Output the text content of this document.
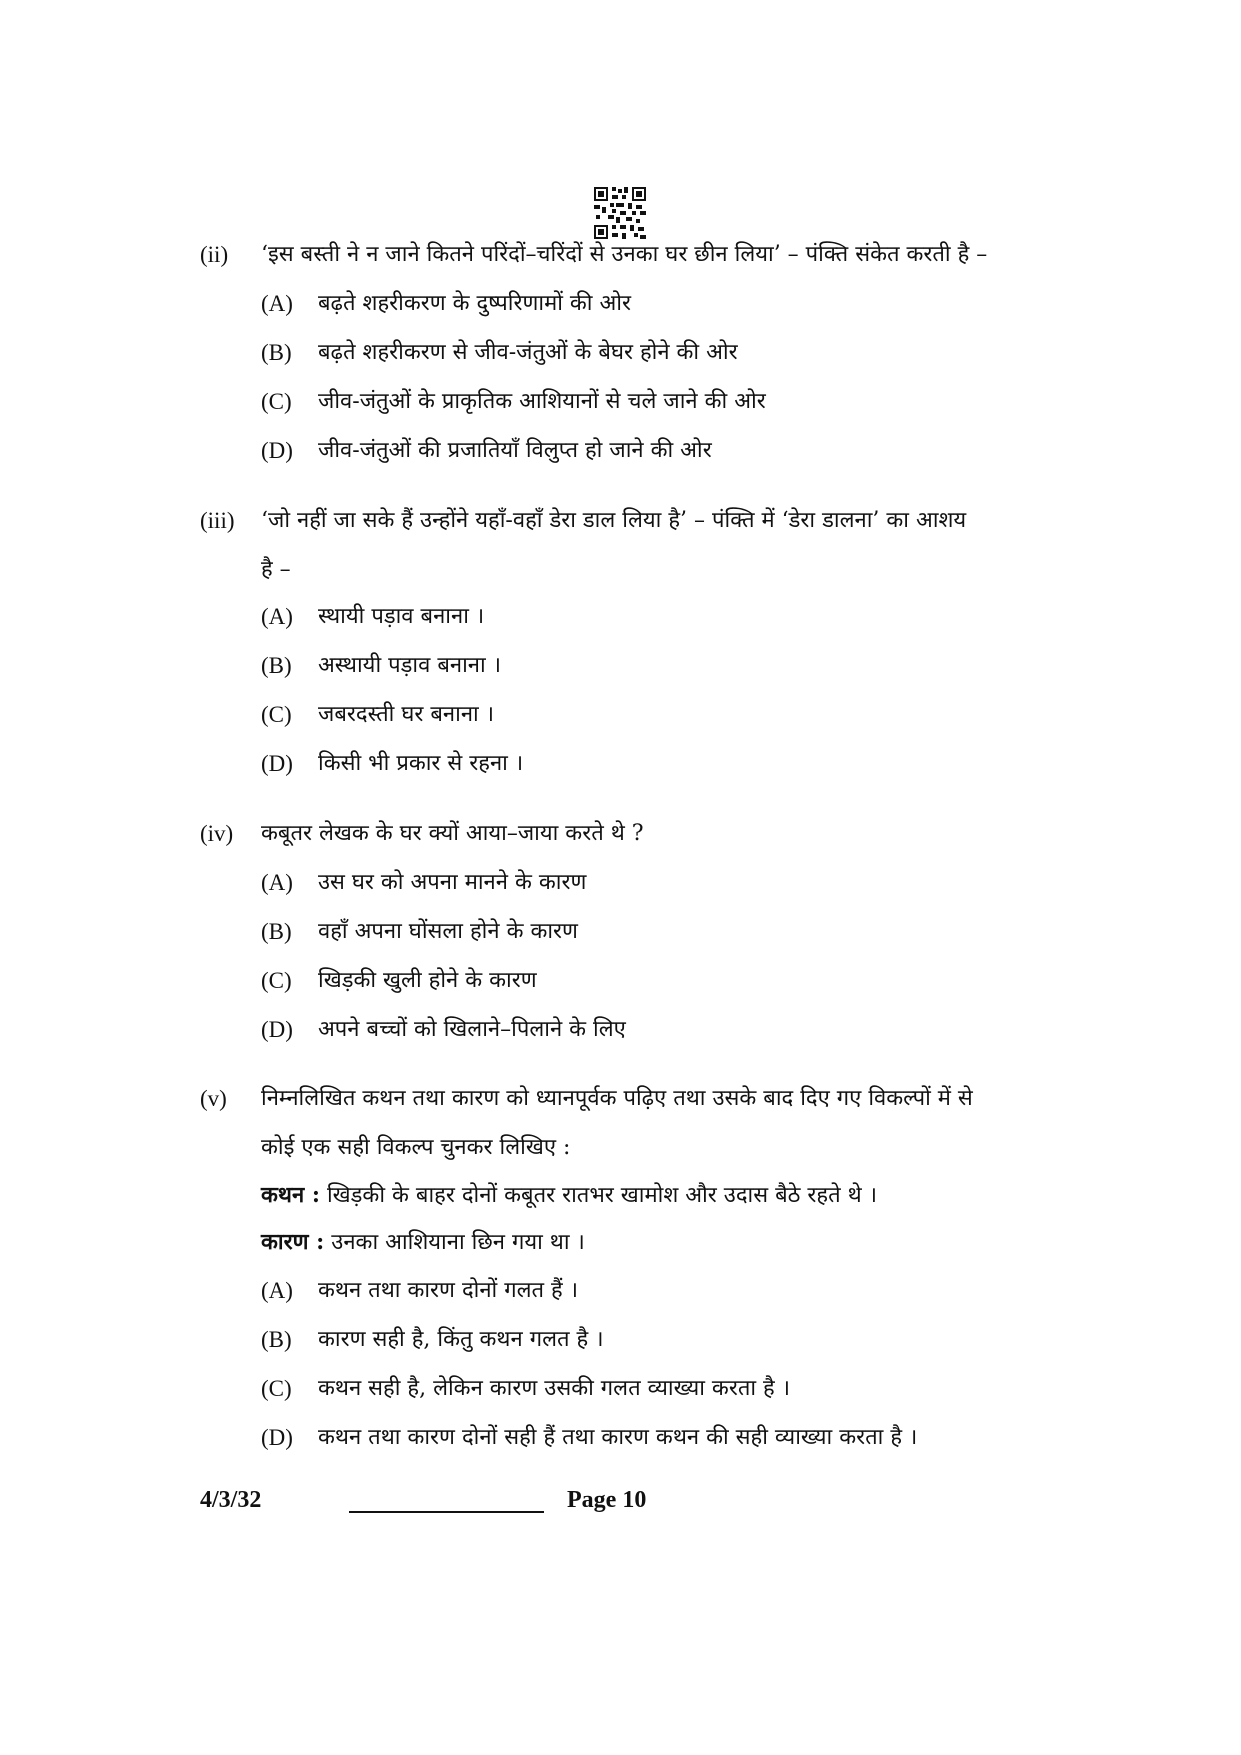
(ii) ‘इस बस्ती ने न जाने कितने परिंदों–चरिंदों से उनका घर छीन लिया’ – पंक्ति संकेत करती है –
(A) बढ़ते शहरीकरण के दुष्परिणामों की ओर
(B) बढ़ते शहरीकरण से जीव-जंतुओं के बेघर होने की ओर
(C) जीव-जंतुओं के प्राकृतिक आशियानों से चले जाने की ओर
(D) जीव-जंतुओं की प्रजातियाँ विलुप्त हो जाने की ओर
(iii) ‘जो नहीं जा सके हैं उन्होंने यहाँ-वहाँ डेरा डाल लिया है’ – पंक्ति में ‘डेरा डालना’ का आशय
है –
(A) स्थायी पड़ाव बनाना ।
(B) अस्थायी पड़ाव बनाना ।
(C) जबरदस्ती घर बनाना ।
(D) किसी भी प्रकार से रहना ।
(iv) कबूतर लेखक के घर क्यों आया–जाया करते थे ?
(A) उस घर को अपना मानने के कारण
(B) वहाँ अपना घोंसला होने के कारण
(C) खिड़की खुली होने के कारण
(D) अपने बच्चों को खिलाने–पिलाने के लिए
(v) निम्नलिखित कथन तथा कारण को ध्यानपूर्वक पढ़िए तथा उसके बाद दिए गए विकल्पों में से
कोई एक सही विकल्प चुनकर लिखिए :
कथन : खिड़की के बाहर दोनों कबूतर रातभर खामोश और उदास बैठे रहते थे ।
कारण : उनका आशियाना छिन गया था ।
(A) कथन तथा कारण दोनों गलत हैं ।
(B) कारण सही है, किंतु कथन गलत है ।
(C) कथन सही है, लेकिन कारण उसकी गलत व्याख्या करता है ।
(D) कथन तथा कारण दोनों सही हैं तथा कारण कथन की सही व्याख्या करता है ।
4/3/32	Page 10
